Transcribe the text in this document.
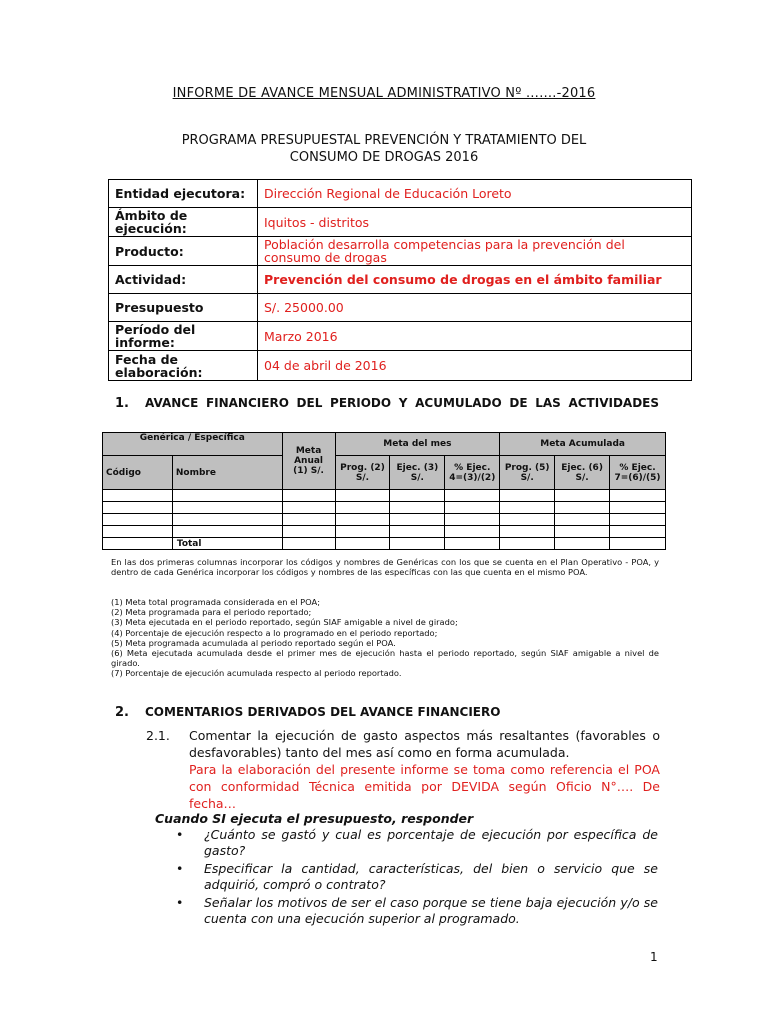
INFORME DE AVANCE MENSUAL ADMINISTRATIVO Nº …….-2016
PROGRAMA PRESUPUESTAL PREVENCIÓN Y TRATAMIENTO DEL
CONSUMO DE DROGAS 2016
Entidad ejecutora:	Dirección Regional de Educación Loreto
Ámbito de ejecución:	Iquitos - distritos
Producto:	Población desarrolla competencias para la prevención del consumo de drogas
Actividad:	Prevención del consumo de drogas en el ámbito familiar
Presupuesto	S/. 25000.00
Período del informe:	Marzo 2016
Fecha de elaboración:	04 de abril de 2016
1. AVANCE FINANCIERO DEL PERIODO Y ACUMULADO DE LAS ACTIVIDADES
Genérica / Específica		Meta Anual (1) S/.	Meta del mes			Meta Acumulada		
Código	Nombre		Prog. (2) S/.	Ejec. (3) S/.	% Ejec. 4=(3)/(2)	Prog. (5) S/.	Ejec. (6) S/.	% Ejec. 7=(6)/(5)

	Total							
En las dos primeras columnas incorporar los códigos y nombres de Genéricas con los que se cuenta en el Plan Operativo - POA, y dentro de cada Genérica incorporar los códigos y nombres de las específicas con las que cuenta en el mismo POA.
(1) Meta total programada considerada en el POA;
(2) Meta programada para el periodo reportado;
(3) Meta ejecutada en el periodo reportado, según SIAF amigable a nivel de girado;
(4) Porcentaje de ejecución respecto a lo programado en el periodo reportado;
(5) Meta programada acumulada al periodo reportado según el POA.
(6) Meta ejecutada acumulada desde el primer mes de ejecución hasta el periodo reportado, según SIAF amigable a nivel de girado.
(7) Porcentaje de ejecución acumulada respecto al periodo reportado.
2. COMENTARIOS DERIVADOS DEL AVANCE FINANCIERO
2.1. Comentar la ejecución de gasto aspectos más resaltantes (favorables o desfavorables) tanto del mes así como en forma acumulada.
Para la elaboración del presente informe se toma como referencia el POA con conformidad Técnica emitida por DEVIDA según Oficio N°…. De fecha…
Cuando SI ejecuta el presupuesto, responder
• ¿Cuánto se gastó y cual es porcentaje de ejecución por específica de gasto?
• Especificar la cantidad, características, del bien o servicio que se adquirió, compró o contrato?
• Señalar los motivos de ser el caso porque se tiene baja ejecución y/o se cuenta con una ejecución superior al programado.
1
